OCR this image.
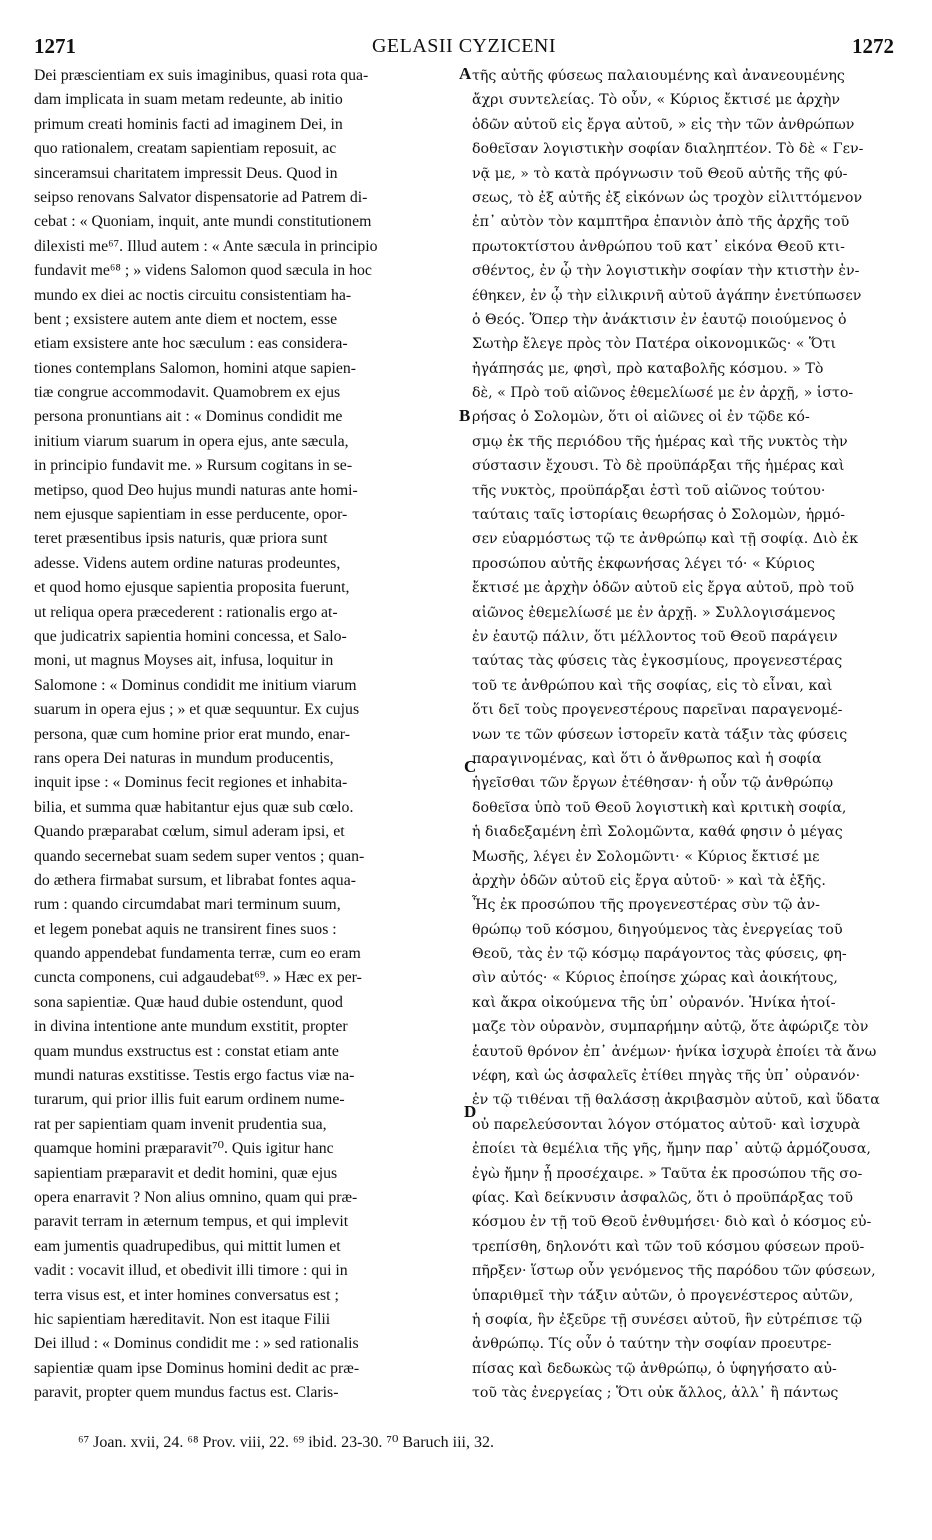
1271	GELASII CYZICENI	1272
Dei præscientiam ex suis imaginibus, quasi rota qua-
dam implicata in suam metam redeunte, ab initio
primum creati hominis facti ad imaginem Dei, in
quo rationalem, creatam sapientiam reposuit, ac
sinceramsui charitatem impressit Deus. Quod in
seipso renovans Salvator dispensatorie ad Patrem di-
cebat : « Quoniam, inquit, ante mundi constitutionem
dilexisti me⁶⁷. Illud autem : « Ante sæcula in principio
fundavit me⁶⁸ ; » videns Salomon quod sæcula in hoc
mundo ex diei ac noctis circuitu consistentiam ha-
bent ; exsistere autem ante diem et noctem, esse
etiam exsistere ante hoc sæculum : eas considera-
tiones contemplans Salomon, homini atque sapien-
tiæ congrue accommodavit. Quamobrem ex ejus
persona pronuntians ait : « Dominus condidit me
initium viarum suarum in opera ejus, ante sæcula,
in principio fundavit me. » Rursum cogitans in se-
metipso, quod Deo hujus mundi naturas ante homi-
nem ejusque sapientiam in esse perducente, opor-
teret præsentibus ipsis naturis, quæ priora sunt
adesse. Videns autem ordine naturas prodeuntes,
et quod homo ejusque sapientia proposita fuerunt,
ut reliqua opera præcederent : rationalis ergo at-
que judicatrix sapientia homini concessa, et Salo-
moni, ut magnus Moyses ait, infusa, loquitur in
Salomone : « Dominus condidit me initium viarum
suarum in opera ejus ; » et quæ sequuntur. Ex cujus
persona, quæ cum homine prior erat mundo, enar-
rans opera Dei naturas in mundum producentis,
inquit ipse : « Dominus fecit regiones et inhabita-
bilia, et summa quæ habitantur ejus quæ sub cœlo.
Quando præparabat cœlum, simul aderam ipsi, et
quando secernebat suam sedem super ventos ; quan-
do æthera firmabat sursum, et librabat fontes aqua-
rum : quando circumdabat mari terminum suum,
et legem ponebat aquis ne transirent fines suos :
quando appendebat fundamenta terræ, cum eo eram
cuncta componens, cui adgaudebat⁶⁹. » Hæc ex per-
sona sapientiæ. Quæ haud dubie ostendunt, quod
in divina intentione ante mundum exstitit, propter
quam mundus exstructus est : constat etiam ante
mundi naturas exstitisse. Testis ergo factus viæ na-
turarum, qui prior illis fuit earum ordinem nume-
rat per sapientiam quam invenit prudentia sua,
quamque homini præparavit⁷⁰. Quis igitur hanc
sapientiam præparavit et dedit homini, quæ ejus
opera enarravit ? Non alius omnino, quam qui præ-
paravit terram in æternum tempus, et qui implevit
eam jumentis quadrupedibus, qui mittit lumen et
vadit : vocavit illud, et obedivit illi timore : qui in
terra visus est, et inter homines conversatus est ;
hic sapientiam hæreditavit. Non est itaque Filii
Dei illud : « Dominus condidit me : » sed rationalis
sapientiæ quam ipse Dominus homini dedit ac præ-
paravit, propter quem mundus factus est. Claris-
τῆς αὐτῆς φύσεως παλαιουμένης καὶ ἀνανεουμένης
ἄχρι συντελείας. Τὸ οὖν, « Κύριος ἔκτισέ με ἀρχὴν
ὁδῶν αὐτοῦ εἰς ἔργα αὐτοῦ, » εἰς τὴν τῶν ἀνθρώπων
δοθεῖσαν λογιστικὴν σοφίαν διαληπτέον. Τὸ δὲ « Γεν-
νᾷ με, » τὸ κατὰ πρόγνωσιν τοῦ Θεοῦ αὐτῆς τῆς φύ-
σεως, τὸ ἐξ αὐτῆς ἐξ εἰκόνων ὡς τροχὸν εἰλιττόμενον
ἐπ᾽ αὐτὸν τὸν καμπτῆρα ἐπανιὸν ἀπὸ τῆς ἀρχῆς τοῦ
πρωτοκτίστου ἀνθρώπου τοῦ κατ᾽ εἰκόνα Θεοῦ κτι-
σθέντος, ἐν ᾧ τὴν λογιστικὴν σοφίαν τὴν κτιστὴν ἐν-
έθηκεν, ἐν ᾧ τὴν εἰλικρινῆ αὐτοῦ ἀγάπην ἐνετύπωσεν
ὁ Θεός. Ὅπερ τὴν ἀνάκτισιν ἐν ἑαυτῷ ποιούμενος ὁ
Σωτὴρ ἔλεγε πρὸς τὸν Πατέρα οἰκονομικῶς· « Ὅτι
ἠγάπησάς με, φησὶ, πρὸ καταβολῆς κόσμου. » Τὸ
δὲ, « Πρὸ τοῦ αἰῶνος ἐθεμελίωσέ με ἐν ἀρχῇ, » ἱστο-
ρήσας ὁ Σολομὼν, ὅτι οἱ αἰῶνες οἱ ἐν τῷδε κό-
σμῳ ἐκ τῆς περιόδου τῆς ἡμέρας καὶ τῆς νυκτὸς τὴν
σύστασιν ἔχουσι. Τὸ δὲ προϋπάρξαι τῆς ἡμέρας καὶ
τῆς νυκτὸς, προϋπάρξαι ἐστὶ τοῦ αἰῶνος τούτου·
ταύταις ταῖς ἱστορίαις θεωρήσας ὁ Σολομὼν, ἡρμό-
σεν εὐαρμόστως τῷ τε ἀνθρώπῳ καὶ τῇ σοφίᾳ. Διὸ ἐκ
προσώπου αὐτῆς ἐκφωνήσας λέγει τό· « Κύριος
ἔκτισέ με ἀρχὴν ὁδῶν αὐτοῦ εἰς ἔργα αὐτοῦ, πρὸ τοῦ
αἰῶνος ἐθεμελίωσέ με ἐν ἀρχῇ. » Συλλογισάμενος
ἐν ἑαυτῷ πάλιν, ὅτι μέλλοντος τοῦ Θεοῦ παράγειν
ταύτας τὰς φύσεις τὰς ἐγκοσμίους, προγενεστέρας
τοῦ τε ἀνθρώπου καὶ τῆς σοφίας, εἰς τὸ εἶναι, καὶ
ὅτι δεῖ τοὺς προγενεστέρους παρεῖναι παραγενομέ-
νων τε τῶν φύσεων ἱστορεῖν κατὰ τάξιν τὰς φύσεις
παραγινομένας, καὶ ὅτι ὁ ἄνθρωπος καὶ ἡ σοφία
ἡγεῖσθαι τῶν ἔργων ἐτέθησαν· ἡ οὖν τῷ ἀνθρώπῳ
δοθεῖσα ὑπὸ τοῦ Θεοῦ λογιστικὴ καὶ κριτικὴ σοφία,
ἡ διαδεξαμένη ἐπὶ Σολομῶντα, καθά φησιν ὁ μέγας
Μωσῆς, λέγει ἐν Σολομῶντι· « Κύριος ἔκτισέ με
ἀρχὴν ὁδῶν αὐτοῦ εἰς ἔργα αὐτοῦ· » καὶ τὰ ἑξῆς.
Ἧς ἐκ προσώπου τῆς προγενεστέρας σὺν τῷ ἀν-
θρώπῳ τοῦ κόσμου, διηγούμενος τὰς ἐνεργείας τοῦ
Θεοῦ, τὰς ἐν τῷ κόσμῳ παράγοντος τὰς φύσεις, φη-
σὶν αὐτός· « Κύριος ἐποίησε χώρας καὶ ἀοικήτους,
καὶ ἄκρα οἰκούμενα τῆς ὑπ᾽ οὐρανόν. Ἡνίκα ἡτοί-
μαζε τὸν οὐρανὸν, συμπαρήμην αὐτῷ, ὅτε ἀφώριζε τὸν
ἑαυτοῦ θρόνον ἐπ᾽ ἀνέμων· ἡνίκα ἰσχυρὰ ἐποίει τὰ ἄνω
νέφη, καὶ ὡς ἀσφαλεῖς ἐτίθει πηγὰς τῆς ὑπ᾽ οὐρανόν·
ἐν τῷ τιθέναι τῇ θαλάσσῃ ἀκριβασμὸν αὐτοῦ, καὶ ὕδατα
οὐ παρελεύσονται λόγον στόματος αὐτοῦ· καὶ ἰσχυρὰ
ἐποίει τὰ θεμέλια τῆς γῆς, ἤμην παρ᾽ αὐτῷ ἁρμόζουσα,
ἐγὼ ἤμην ᾗ προσέχαιρε. » Ταῦτα ἐκ προσώπου τῆς σο-
φίας. Καὶ δείκνυσιν ἀσφαλῶς, ὅτι ὁ προϋπάρξας τοῦ
κόσμου ἐν τῇ τοῦ Θεοῦ ἐνθυμήσει· διὸ καὶ ὁ κόσμος εὐ-
τρεπίσθη, δηλονότι καὶ τῶν τοῦ κόσμου φύσεων προϋ-
πῆρξεν· ἵστωρ οὖν γενόμενος τῆς παρόδου τῶν φύσεων,
ὑπαριθμεῖ τὴν τάξιν αὐτῶν, ὁ προγενέστερος αὐτῶν,
ἡ σοφία, ἣν ἐξεῦρε τῇ συνέσει αὐτοῦ, ἣν εὐτρέπισε τῷ
ἀνθρώπῳ. Τίς οὖν ὁ ταύτην τὴν σοφίαν προευτρε-
πίσας καὶ δεδωκὼς τῷ ἀνθρώπῳ, ὁ ὑφηγήσατο αὐ-
τοῦ τὰς ἐνεργείας ; Ὅτι οὐκ ἄλλος, ἀλλ᾽ ἢ πάντως
A
B
C
D
⁶⁷ Joan. xvii, 24. ⁶⁸ Prov. viii, 22. ⁶⁹ ibid. 23-30. ⁷⁰ Baruch iii, 32.
